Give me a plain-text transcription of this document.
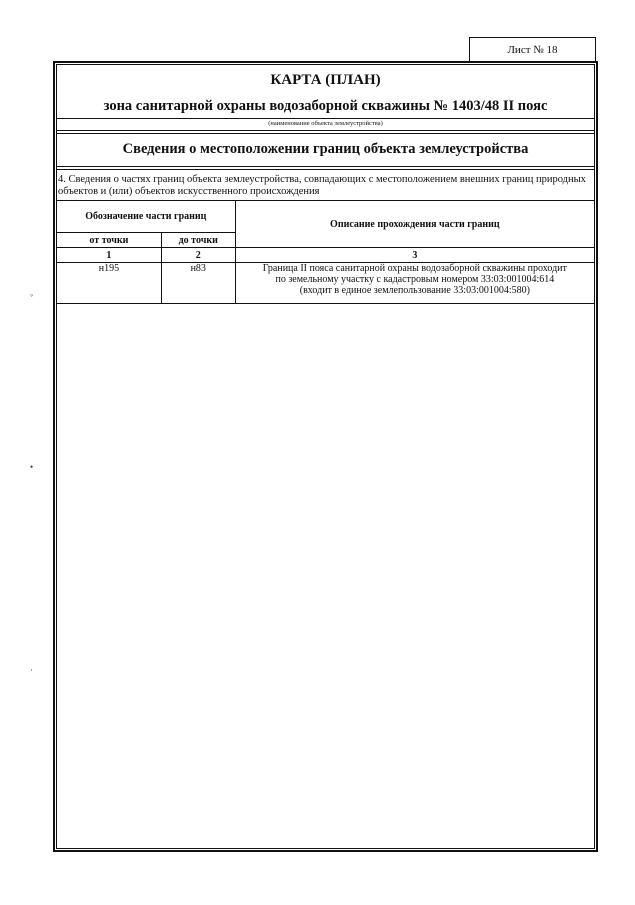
Лист № 18
КАРТА (ПЛАН)
зона санитарной охраны водозаборной скважины № 1403/48 II пояс
(наименование объекта землеустройства)
Сведения о местоположении границ объекта землеустройства
4. Сведения о частях границ объекта землеустройства, совпадающих с местоположением внешних границ природных объектов и (или) объектов искусственного происхождения
Обозначение части границ		Описание прохождения части границ
от точки	до точки	
1	2	3
н195	н83	Граница II пояса санитарной охраны водозаборной скважины проходит
по земельному участку с кадастровым номером 33:03:001004:614
(входит в единое землепользование 33:03:001004:580)
◦
•
·
